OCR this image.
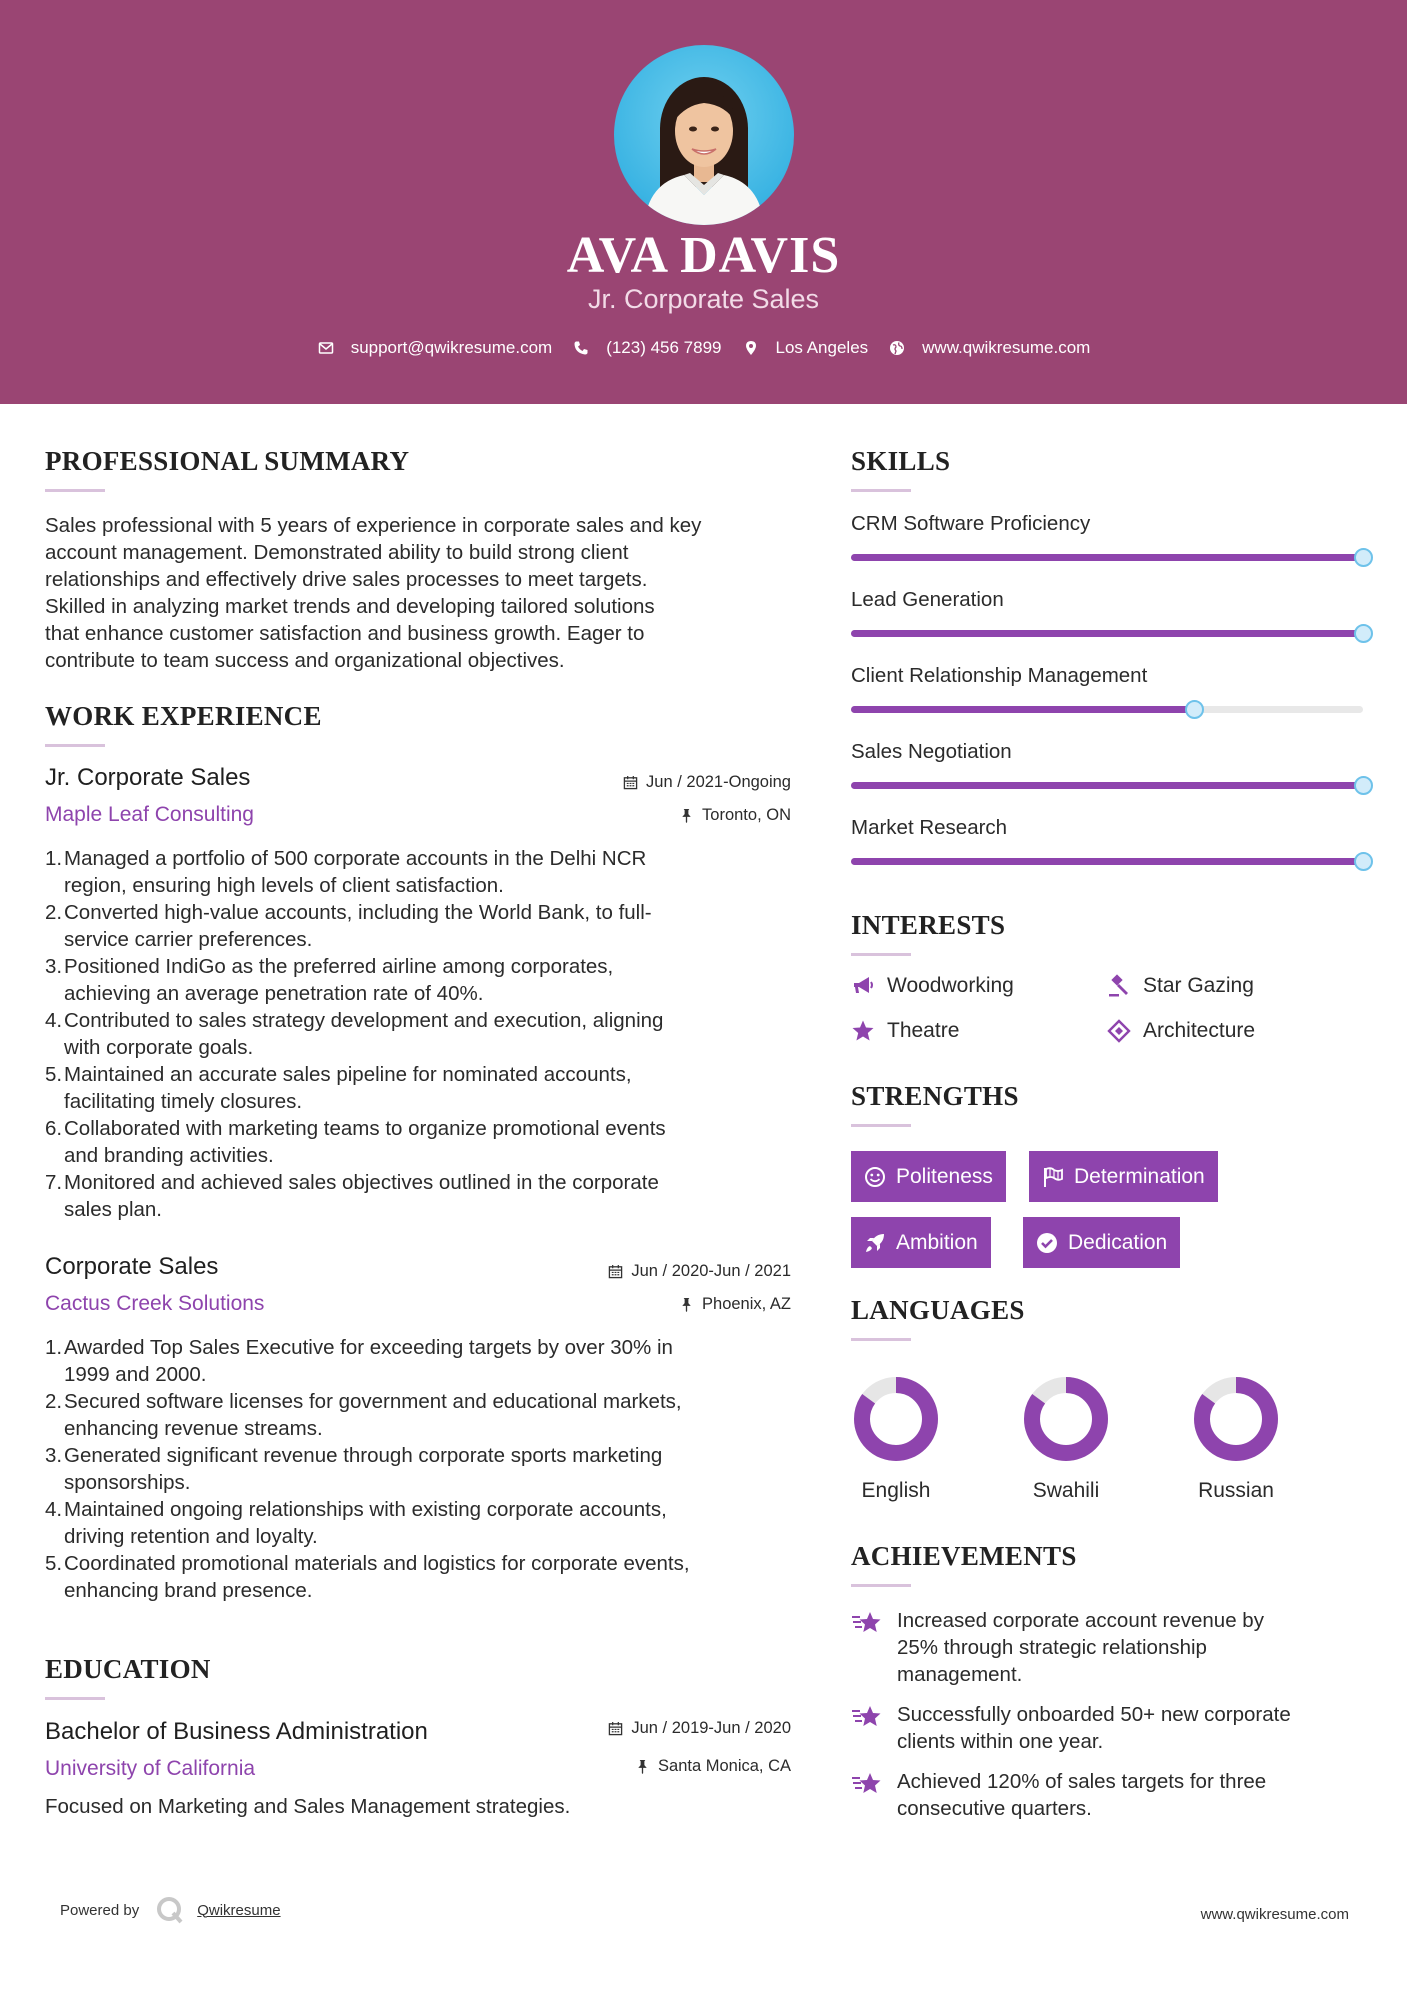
AVA DAVIS
Jr. Corporate Sales
support@qwikresume.com	(123) 456 7899	Los Angeles	www.qwikresume.com
PROFESSIONAL SUMMARY
Sales professional with 5 years of experience in corporate sales and key
account management. Demonstrated ability to build strong client
relationships and effectively drive sales processes to meet targets.
Skilled in analyzing market trends and developing tailored solutions
that enhance customer satisfaction and business growth. Eager to
contribute to team success and organizational objectives.
WORK EXPERIENCE
Jr. Corporate Sales	Jun / 2021-Ongoing
Maple Leaf Consulting	Toronto, ON
1. Managed a portfolio of 500 corporate accounts in the Delhi NCR
region, ensuring high levels of client satisfaction.
2. Converted high-value accounts, including the World Bank, to full-
service carrier preferences.
3. Positioned IndiGo as the preferred airline among corporates,
achieving an average penetration rate of 40%.
4. Contributed to sales strategy development and execution, aligning
with corporate goals.
5. Maintained an accurate sales pipeline for nominated accounts,
facilitating timely closures.
6. Collaborated with marketing teams to organize promotional events
and branding activities.
7. Monitored and achieved sales objectives outlined in the corporate
sales plan.
Corporate Sales	Jun / 2020-Jun / 2021
Cactus Creek Solutions	Phoenix, AZ
1. Awarded Top Sales Executive for exceeding targets by over 30% in
1999 and 2000.
2. Secured software licenses for government and educational markets,
enhancing revenue streams.
3. Generated significant revenue through corporate sports marketing
sponsorships.
4. Maintained ongoing relationships with existing corporate accounts,
driving retention and loyalty.
5. Coordinated promotional materials and logistics for corporate events,
enhancing brand presence.
EDUCATION
Bachelor of Business Administration	Jun / 2019-Jun / 2020
University of California	Santa Monica, CA
Focused on Marketing and Sales Management strategies.
SKILLS
CRM Software Proficiency
Lead Generation
Client Relationship Management
Sales Negotiation
Market Research
INTERESTS
Woodworking	Star Gazing
Theatre	Architecture
STRENGTHS
Politeness	Determination
Ambition	Dedication
LANGUAGES
English	Swahili	Russian
ACHIEVEMENTS
Increased corporate account revenue by
25% through strategic relationship
management.
Successfully onboarded 50+ new corporate
clients within one year.
Achieved 120% of sales targets for three
consecutive quarters.
Powered by	Qwikresume	www.qwikresume.com
